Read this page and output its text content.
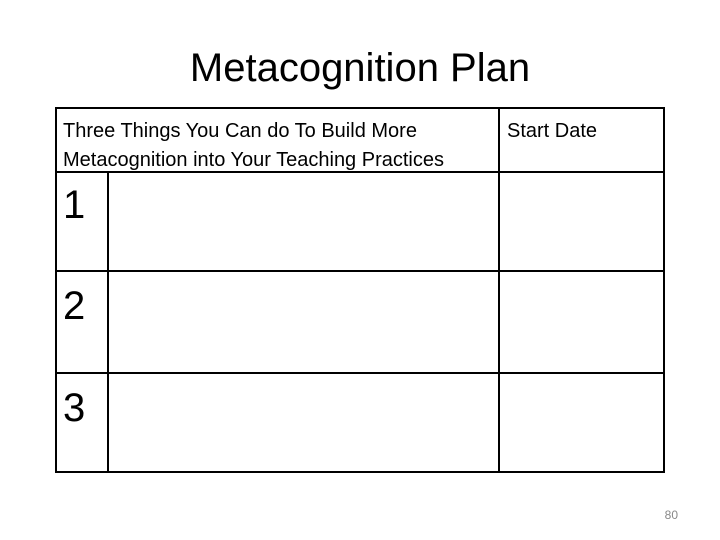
Metacognition Plan
Three Things You Can do To Build More
Metacognition into Your Teaching Practices
Start Date
1
2
3
80
